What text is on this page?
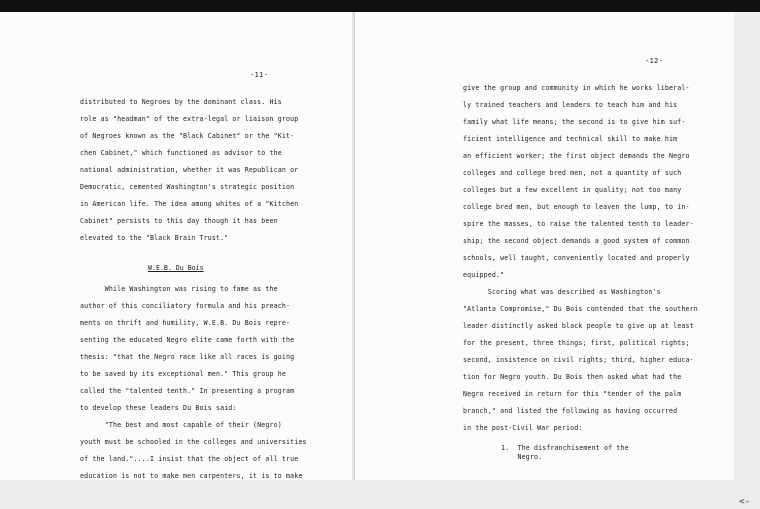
-11-
distributed to Negroes by the dominant class. His
role as "headman" of the extra-legal or liaison group
of Negroes known as the "Black Cabinet" or the "Kit-
chen Cabinet," which functioned as advisor to the
national administration, whether it was Republican or
Democratic, cemented Washington's strategic position
in American life. The idea among whites of a "Kitchen
Cabinet" persists to this day though it has been
elevated to the "Black Brain Trust."
W.E.B. Du Bois
While Washington was rising to fame as the
author of this conciliatory formula and his preach-
ments on thrift and humility, W.E.B. Du Bois repre-
senting the educated Negro elite came forth with the
thesis: "that the Negro race like all races is going
to be saved by its exceptional men." This group he
called the "talented tenth." In presenting a program
to develop these leaders Du Bois said:
"The best and most capable of their (Negro)
youth must be schooled in the colleges and universities
of the land."....I insist that the object of all true
education is not to make men carpenters, it is to make
-12-
give the group and community in which he works liberal-
ly trained teachers and leaders to teach him and his
family what life means; the second is to give him suf-
ficient intelligence and technical skill to make him
an efficient worker; the first object demands the Negro
colleges and college bred men, not a quantity of such
colleges but a few excellent in quality; not too many
college bred men, but enough to leaven the lump, to in-
spire the masses, to raise the talented tenth to leader-
ship; the second object demands a good system of common
schools, well taught, conveniently located and properly
equipped."
Scoring what was described as Washington's
"Atlanta Compromise," Du Bois contended that the southern
leader distinctly asked black people to give up at least
for the present, three things; first, political rights;
second, insistence on civil rights; third, higher educa-
tion for Negro youth. Du Bois then asked what had the
Negro received in return for this "tender of the palm
branch," and listed the following as having occurred
in the post-Civil War period:
1.  The disfranchisement of the
Negro.
<-
